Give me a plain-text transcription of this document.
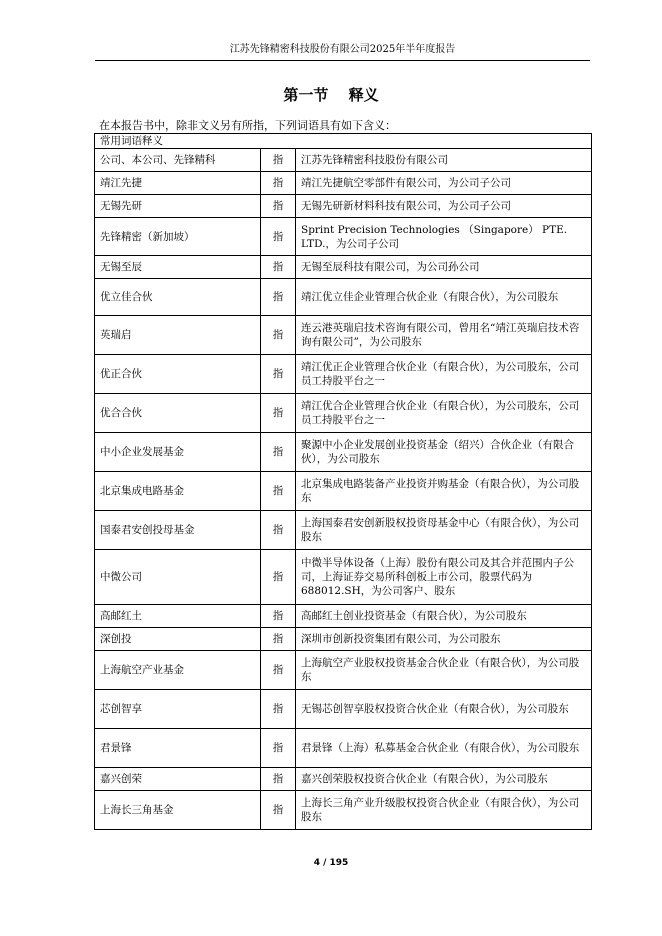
江苏先锋精密科技股份有限公司2025年半年度报告
第一节　 释义
在本报告书中，除非文义另有所指，下列词语具有如下含义：
常用词语释义		
公司、本公司、先锋精科	指	江苏先锋精密科技股份有限公司
靖江先捷	指	靖江先捷航空零部件有限公司，为公司子公司
无锡先研	指	无锡先研新材料科技有限公司，为公司子公司
先锋精密（新加坡）	指	Sprint Precision Technologies （Singapore） PTE. LTD.，为公司子公司
无锡至辰	指	无锡至辰科技有限公司，为公司孙公司
优立佳合伙	指	靖江优立佳企业管理合伙企业（有限合伙），为公司股东
英瑞启	指	连云港英瑞启技术咨询有限公司，曾用名“靖江英瑞启技术咨询有限公司”，为公司股东
优正合伙	指	靖江优正企业管理合伙企业（有限合伙），为公司股东，公司员工持股平台之一
优合合伙	指	靖江优合企业管理合伙企业（有限合伙），为公司股东，公司员工持股平台之一
中小企业发展基金	指	聚源中小企业发展创业投资基金（绍兴）合伙企业（有限合伙），为公司股东
北京集成电路基金	指	北京集成电路装备产业投资并购基金（有限合伙），为公司股东
国泰君安创投母基金	指	上海国泰君安创新股权投资母基金中心（有限合伙），为公司股东
中微公司	指	中微半导体设备（上海）股份有限公司及其合并范围内子公司，上海证券交易所科创板上市公司，股票代码为688012.SH，为公司客户、股东
高邮红土	指	高邮红土创业投资基金（有限合伙），为公司股东
深创投	指	深圳市创新投资集团有限公司，为公司股东
上海航空产业基金	指	上海航空产业股权投资基金合伙企业（有限合伙），为公司股东
芯创智享	指	无锡芯创智享股权投资合伙企业（有限合伙），为公司股东
君景锋	指	君景锋（上海）私募基金合伙企业（有限合伙），为公司股东
嘉兴创荣	指	嘉兴创荣股权投资合伙企业（有限合伙），为公司股东
上海长三角基金	指	上海长三角产业升级股权投资合伙企业（有限合伙），为公司股东
4 / 195
